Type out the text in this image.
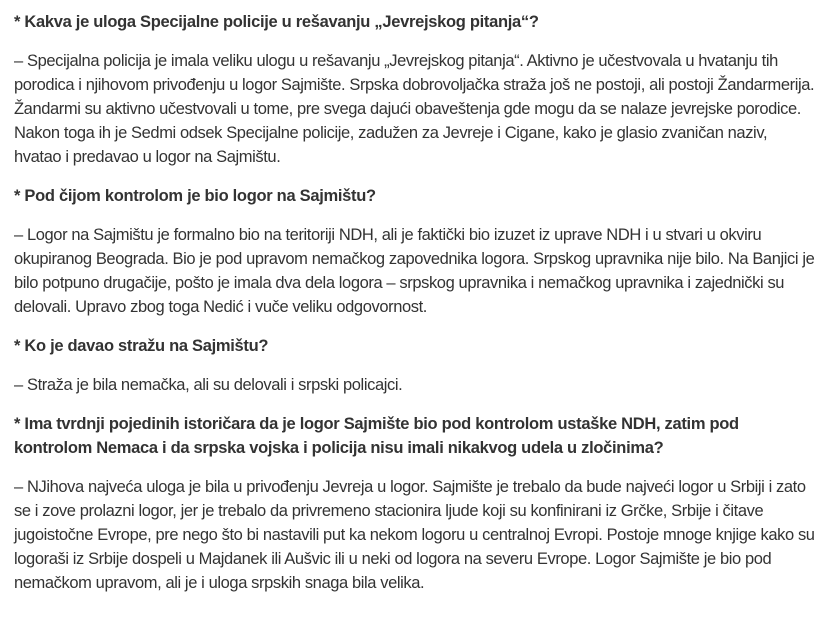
* Kakva je uloga Specijalne policije u rešavanju „Jevrejskog pitanja“?

– Specijalna policija je imala veliku ulogu u rešavanju „Jevrejskog pitanja“. Aktivno je učestvovala u hvatanju tih porodica i njihovom privođenju u logor Sajmište. Srpska dobrovoljačka straža još ne postoji, ali postoji Žandarmerija. Žandarmi su aktivno učestvovali u tome, pre svega dajući obaveštenja gde mogu da se nalaze jevrejske porodice. Nakon toga ih je Sedmi odsek Specijalne policije, zadužen za Jevreje i Cigane, kako je glasio zvaničan naziv, hvatao i predavao u logor na Sajmištu.

* Pod čijom kontrolom je bio logor na Sajmištu?

– Logor na Sajmištu je formalno bio na teritoriji NDH, ali je faktički bio izuzet iz uprave NDH i u stvari u okviru okupiranog Beograda. Bio je pod upravom nemačkog zapovednika logora. Srpskog upravnika nije bilo. Na Banjici je bilo potpuno drugačije, pošto je imala dva dela logora – srpskog upravnika i nemačkog upravnika i zajednički su delovali. Upravo zbog toga Nedić i vuče veliku odgovornost.

* Ko je davao stražu na Sajmištu?

– Straža je bila nemačka, ali su delovali i srpski policajci.

* Ima tvrdnji pojedinih istoričara da je logor Sajmište bio pod kontrolom ustaške NDH, zatim pod kontrolom Nemaca i da srpska vojska i policija nisu imali nikakvog udela u zločinima?

– NJihova najveća uloga je bila u privođenju Jevreja u logor. Sajmište je trebalo da bude najveći logor u Srbiji i zato se i zove prolazni logor, jer je trebalo da privremeno stacionira ljude koji su konfinirani iz Grčke, Srbije i čitave jugoistočne Evrope, pre nego što bi nastavili put ka nekom logoru u centralnoj Evropi. Postoje mnoge knjige kako su logoraši iz Srbije dospeli u Majdanek ili Aušvic ili u neki od logora na severu Evrope. Logor Sajmište je bio pod nemačkom upravom, ali je i uloga srpskih snaga bila velika.
